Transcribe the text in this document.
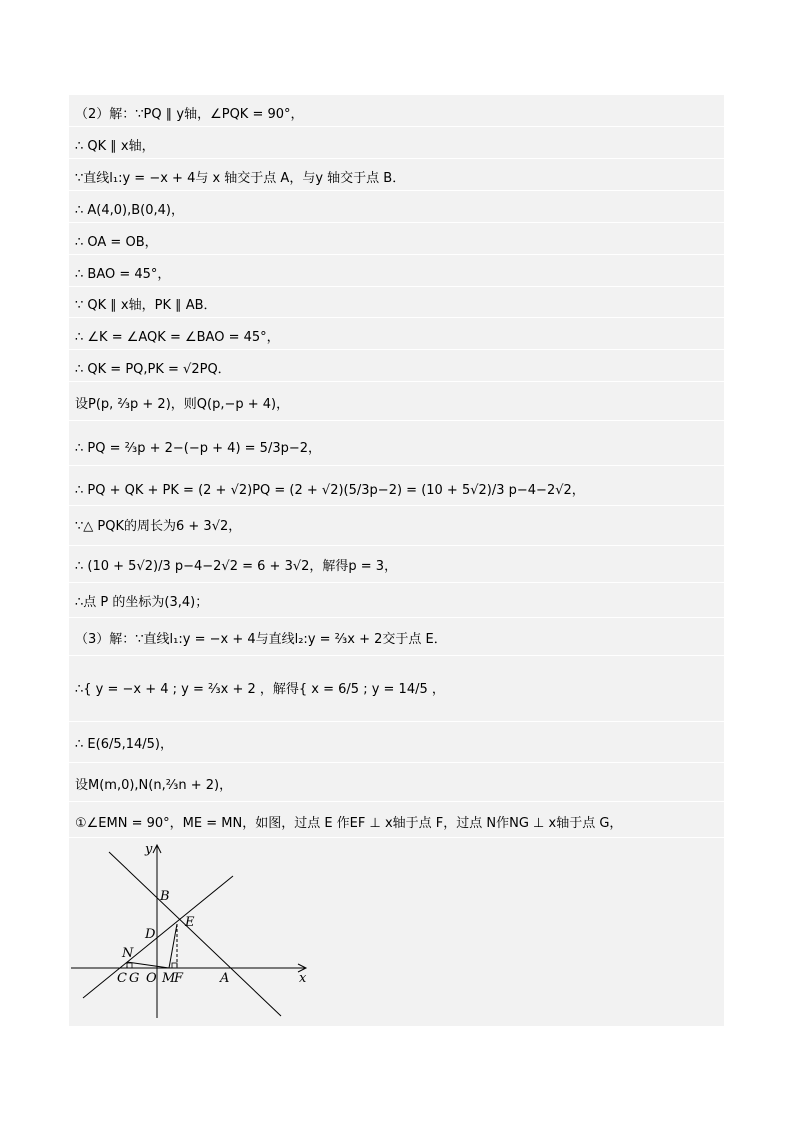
（2）解：∵PQ ∥ y轴，∠PQK = 90°，
∴ QK ∥ x轴，
∵直线l₁:y = −x + 4与 x 轴交于点 A，与y 轴交于点 B．
∴ A(4,0),B(0,4)，
∴ OA = OB，
∴ BAO = 45°，
∵ QK ∥ x轴，PK ∥ AB．
∴ ∠K = ∠AQK = ∠BAO = 45°，
∴ QK = PQ,PK = √2PQ．
设P(p, ⅔p + 2)，则Q(p,−p + 4)，
∴ PQ = ⅔p + 2−(−p + 4) = 5/3p−2，
∴ PQ + QK + PK = (2 + √2)PQ = (2 + √2)(5/3p−2) = (10 + 5√2)/3 p−4−2√2，
∵△ PQK的周长为6 + 3√2，
∴ (10 + 5√2)/3 p−4−2√2 = 6 + 3√2，解得p = 3，
∴点 P 的坐标为(3,4)；
（3）解：∵直线l₁:y = −x + 4与直线l₂:y = ⅔x + 2交于点 E．
∴{ y = −x + 4 ; y = ⅔x + 2 ，解得{ x = 6/5 ; y = 14/5 ，
∴ E(6/5,14/5)，
设M(m,0),N(n,⅔n + 2)，
①∠EMN = 90°，ME = MN，如图，过点 E 作EF ⊥ x轴于点 F，过点 N作NG ⊥ x轴于点 G，
y
x
B
E
D
N
C G O M
F	A
